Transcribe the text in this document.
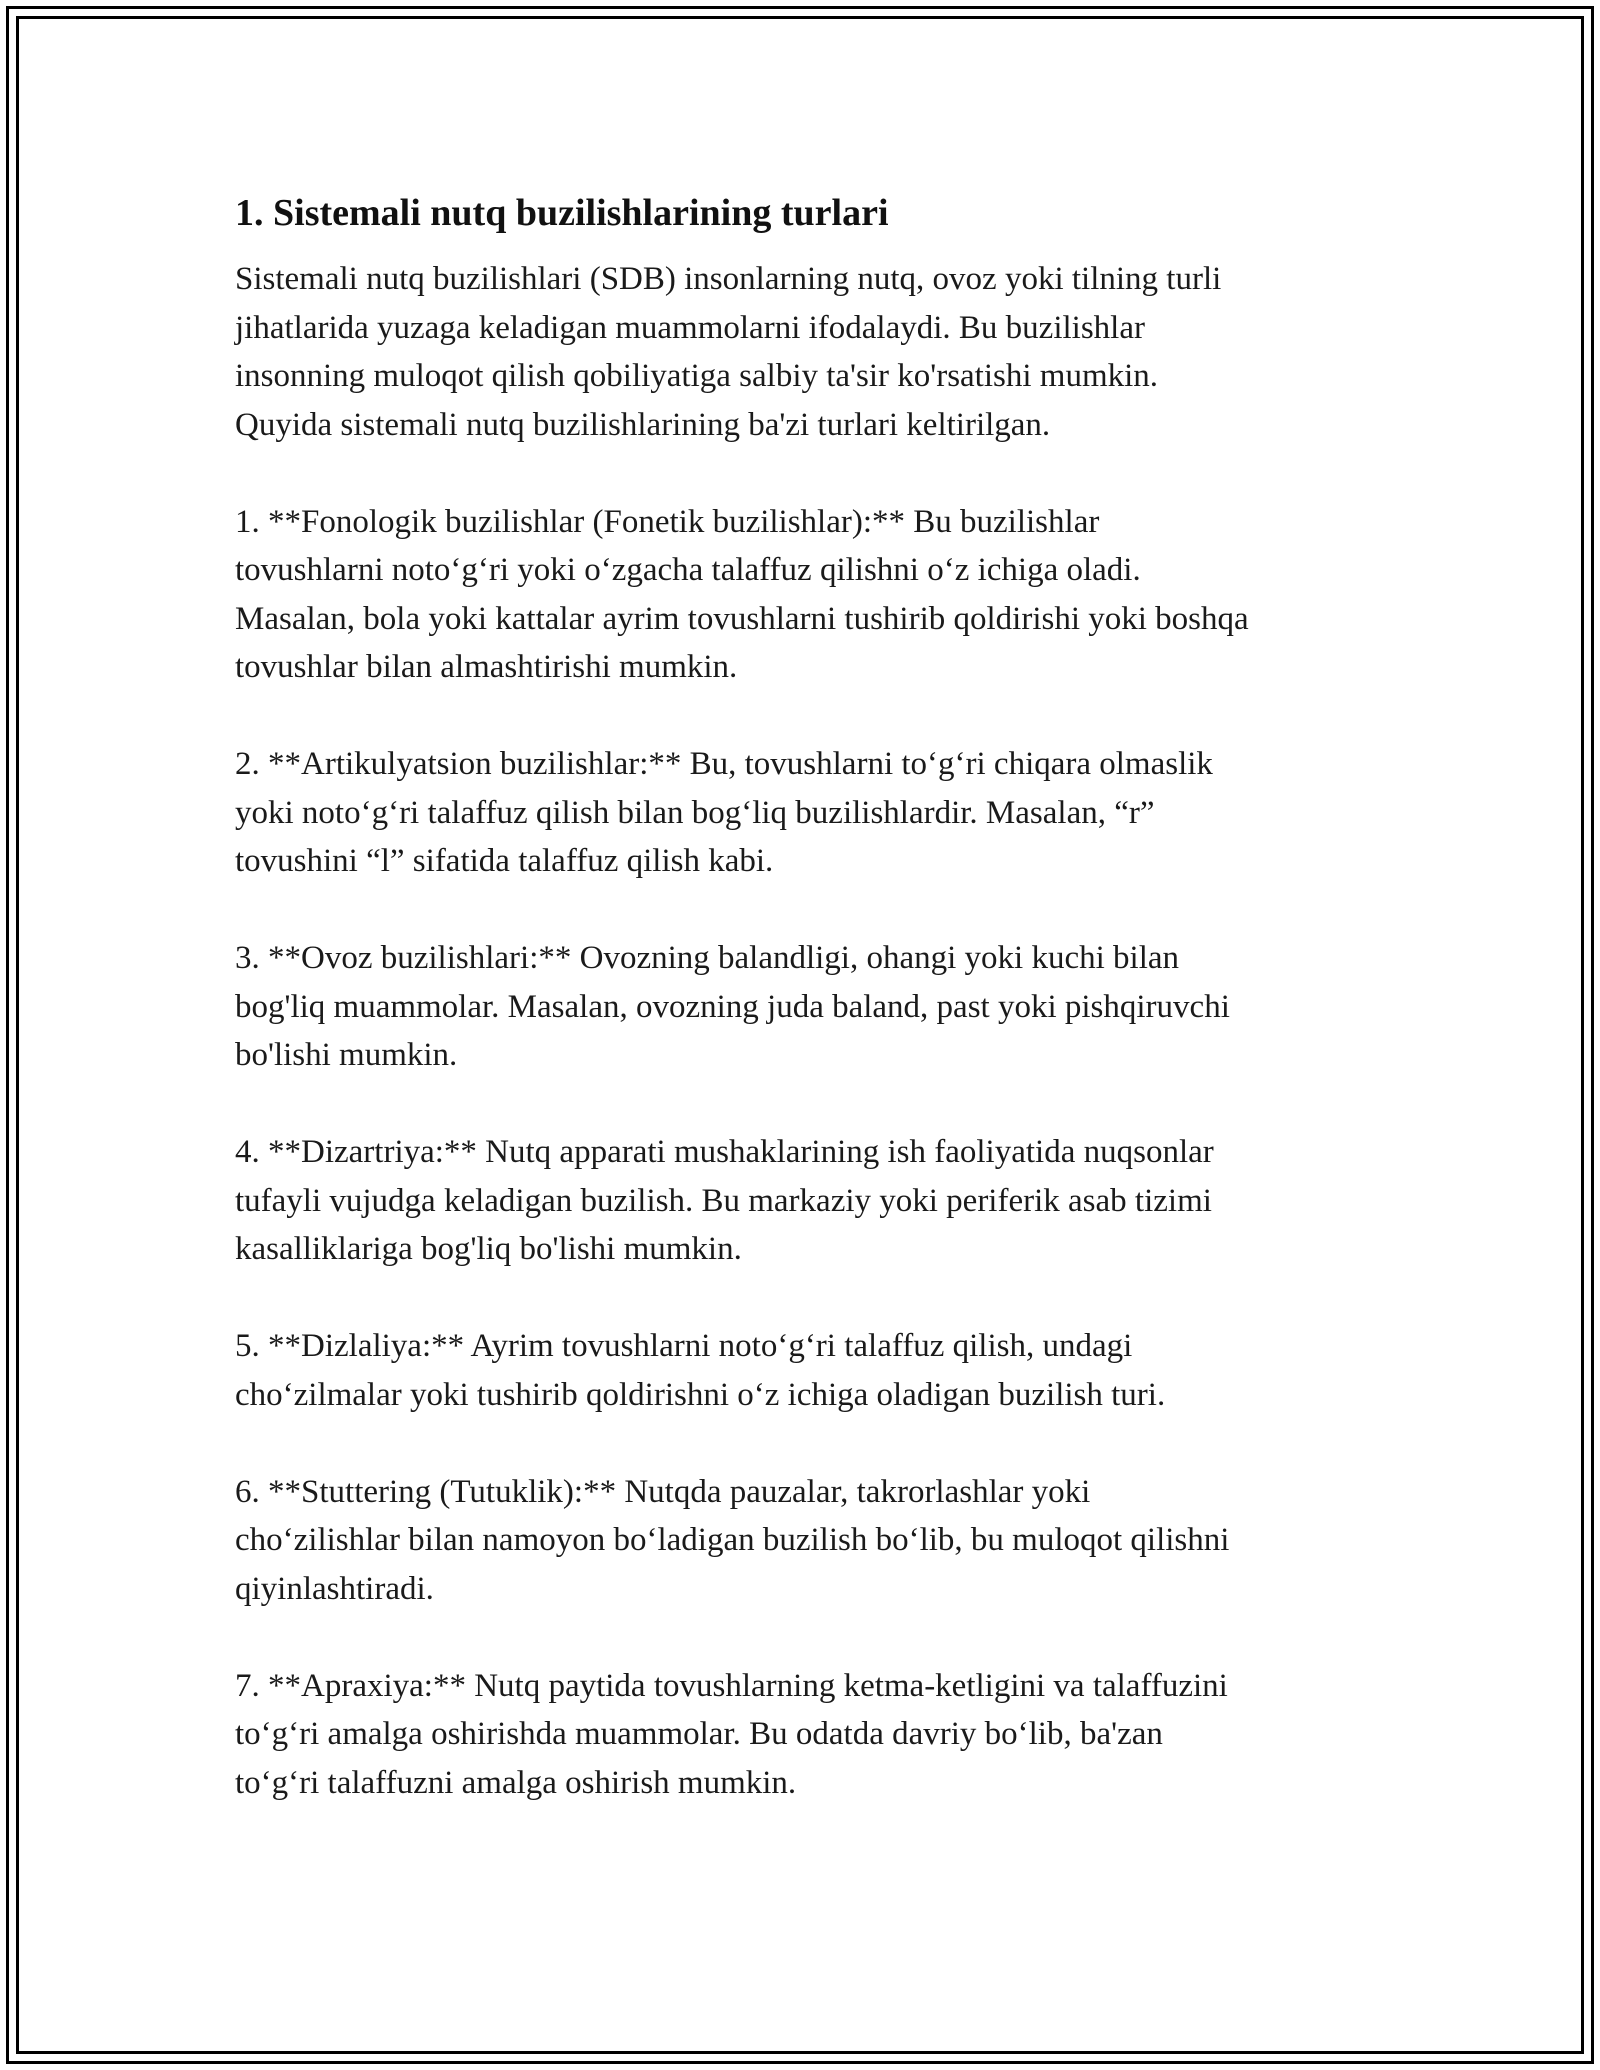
1. Sistemali nutq buzilishlarining turlari

Sistemali nutq buzilishlari (SDB) insonlarning nutq, ovoz yoki tilning turli
jihatlarida yuzaga keladigan muammolarni ifodalaydi. Bu buzilishlar
insonning muloqot qilish qobiliyatiga salbiy ta'sir ko'rsatishi mumkin.
Quyida sistemali nutq buzilishlarining ba'zi turlari keltirilgan.

1. **Fonologik buzilishlar (Fonetik buzilishlar):** Bu buzilishlar
tovushlarni noto‘g‘ri yoki o‘zgacha talaffuz qilishni o‘z ichiga oladi.
Masalan, bola yoki kattalar ayrim tovushlarni tushirib qoldirishi yoki boshqa
tovushlar bilan almashtirishi mumkin.

2. **Artikulyatsion buzilishlar:** Bu, tovushlarni to‘g‘ri chiqara olmaslik
yoki noto‘g‘ri talaffuz qilish bilan bog‘liq buzilishlardir. Masalan, “r”
tovushini “l” sifatida talaffuz qilish kabi.

3. **Ovoz buzilishlari:** Ovozning balandligi, ohangi yoki kuchi bilan
bog'liq muammolar. Masalan, ovozning juda baland, past yoki pishqiruvchi
bo'lishi mumkin.

4. **Dizartriya:** Nutq apparati mushaklarining ish faoliyatida nuqsonlar
tufayli vujudga keladigan buzilish. Bu markaziy yoki periferik asab tizimi
kasalliklariga bog'liq bo'lishi mumkin.

5. **Dizlaliya:** Ayrim tovushlarni noto‘g‘ri talaffuz qilish, undagi
cho‘zilmalar yoki tushirib qoldirishni o‘z ichiga oladigan buzilish turi.

6. **Stuttering (Tutuklik):** Nutqda pauzalar, takrorlashlar yoki
cho‘zilishlar bilan namoyon bo‘ladigan buzilish bo‘lib, bu muloqot qilishni
qiyinlashtiradi.

7. **Apraxiya:** Nutq paytida tovushlarning ketma-ketligini va talaffuzini
to‘g‘ri amalga oshirishda muammolar. Bu odatda davriy bo‘lib, ba'zan
to‘g‘ri talaffuzni amalga oshirish mumkin.
